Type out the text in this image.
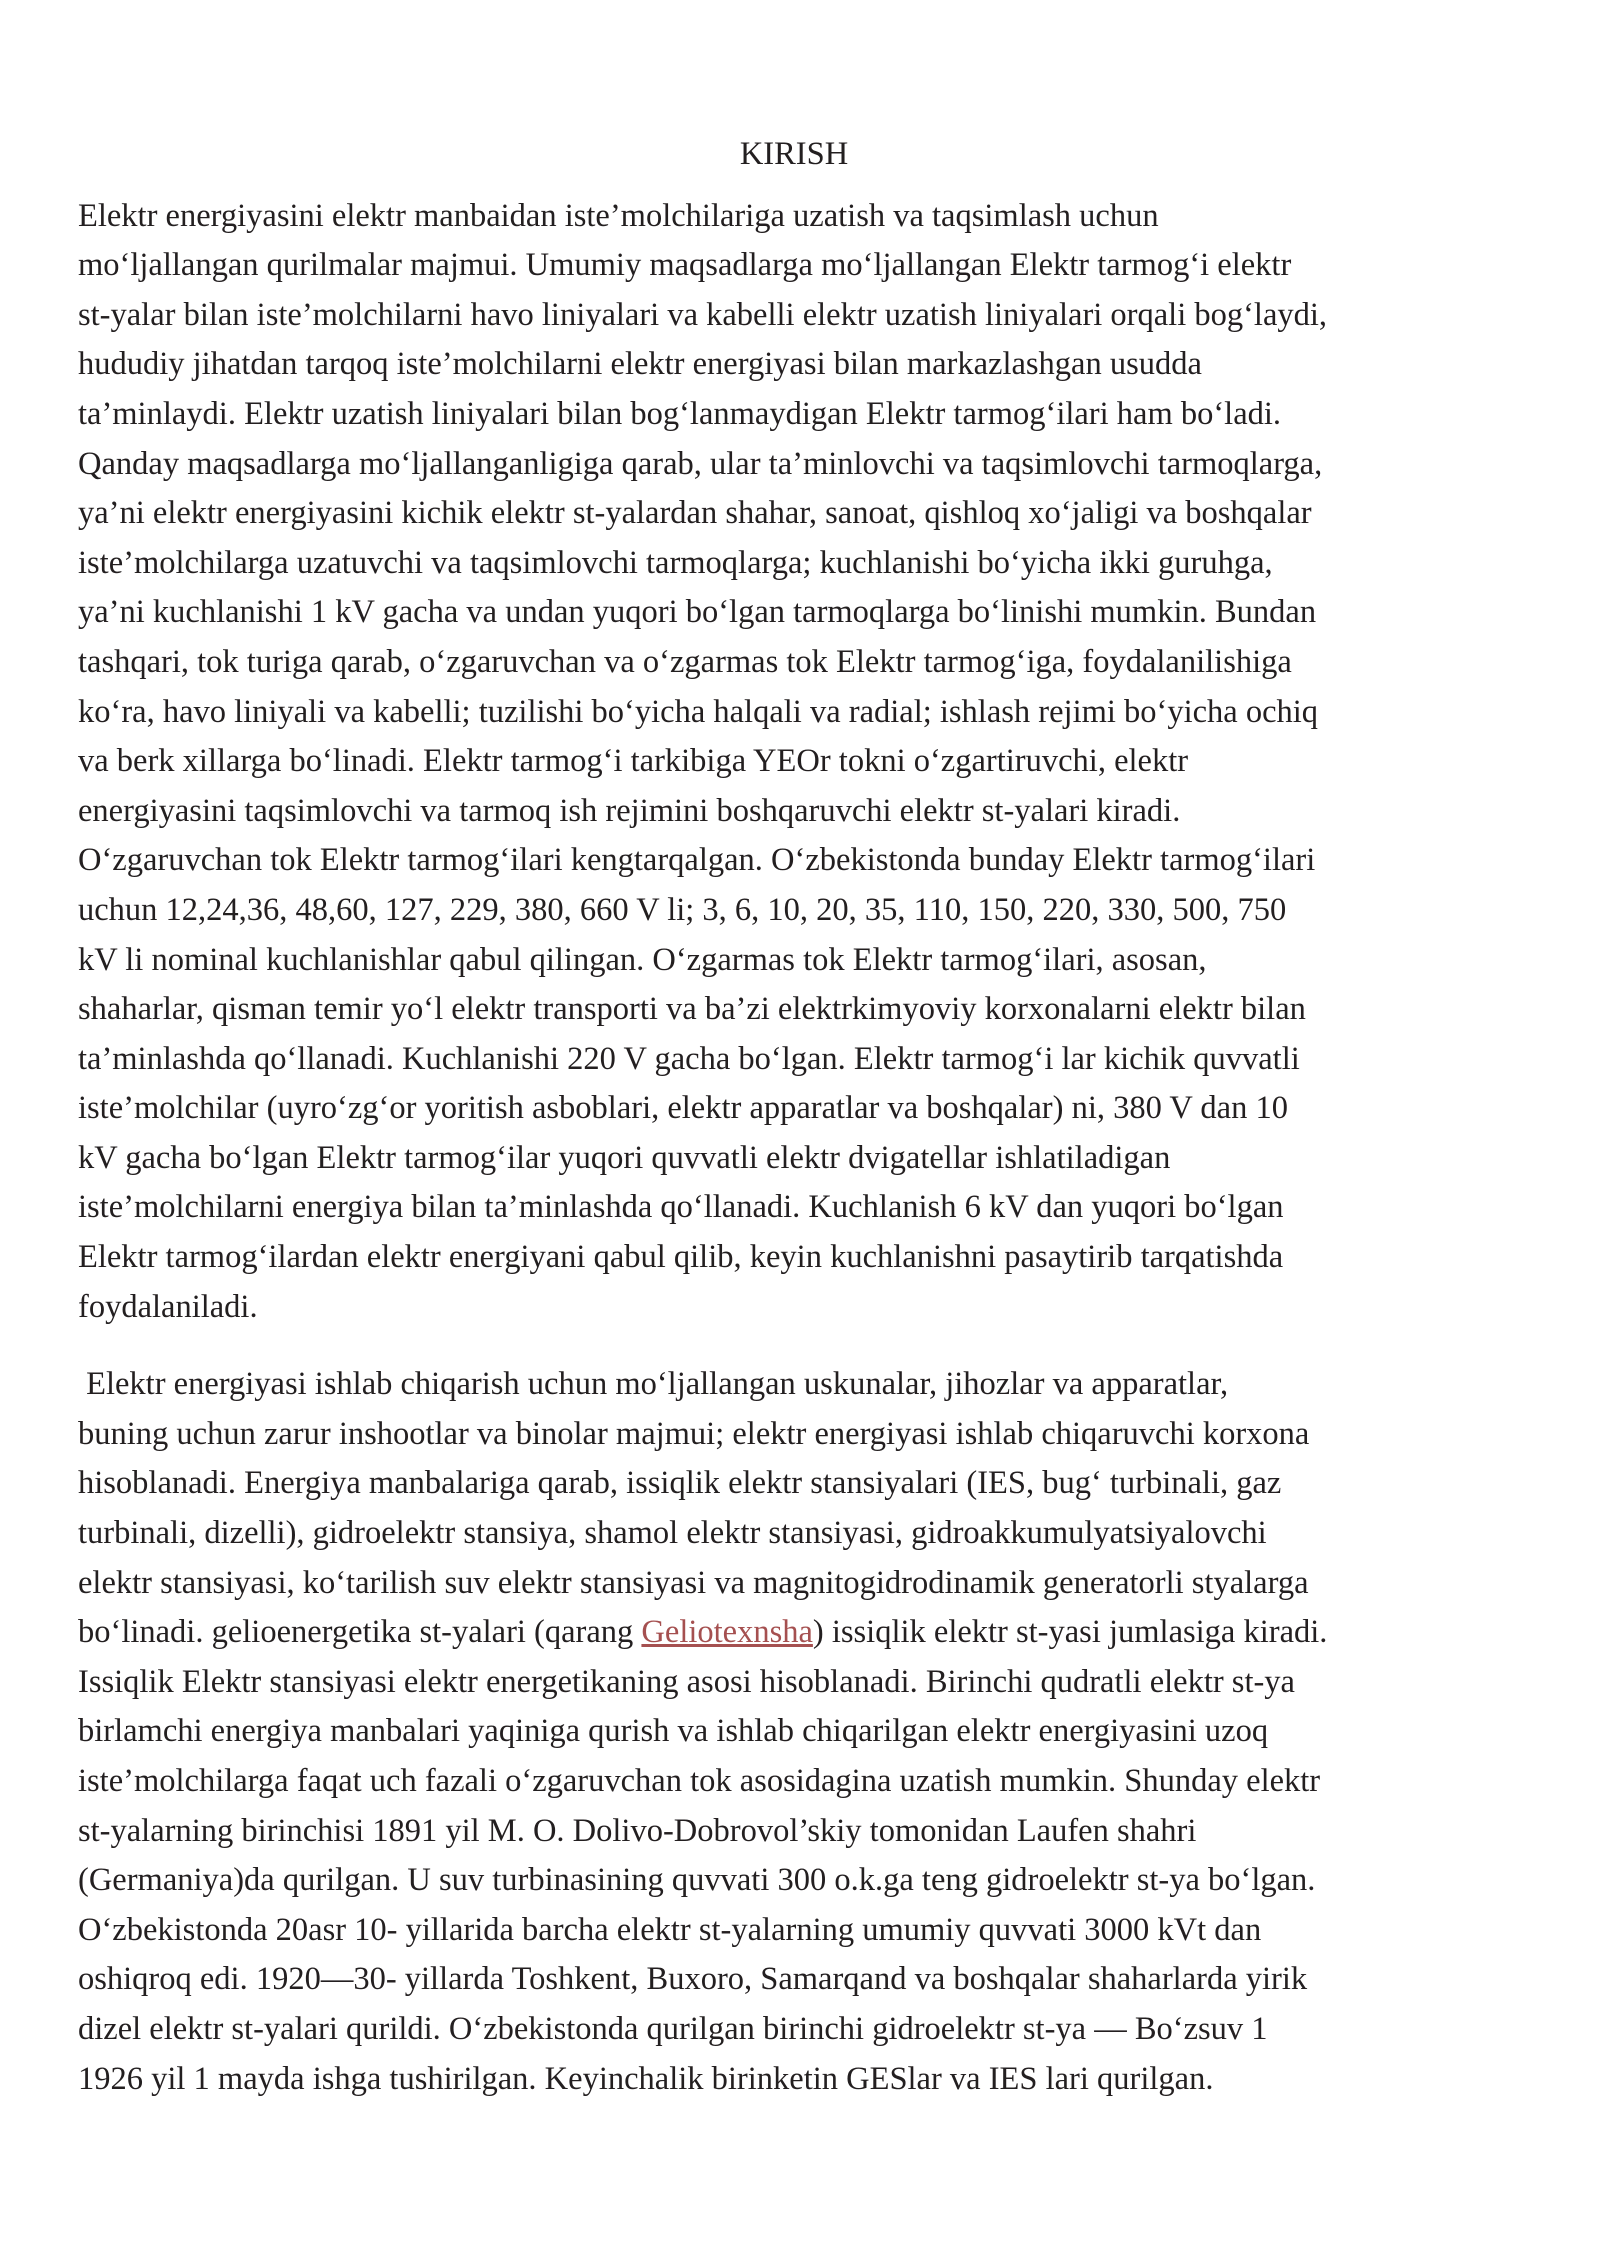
KIRISH

Elektr energiyasini elektr manbaidan iste’molchilariga uzatish va taqsimlash uchun
mo‘ljallangan qurilmalar majmui. Umumiy maqsadlarga mo‘ljallangan Elektr tarmog‘i elektr
st-yalar bilan iste’molchilarni havo liniyalari va kabelli elektr uzatish liniyalari orqali bog‘laydi,
hududiy jihatdan tarqoq iste’molchilarni elektr energiyasi bilan markazlashgan usudda
ta’minlaydi. Elektr uzatish liniyalari bilan bog‘lanmaydigan Elektr tarmog‘ilari ham bo‘ladi.
Qanday maqsadlarga mo‘ljallanganligiga qarab, ular ta’minlovchi va taqsimlovchi tarmoqlarga,
ya’ni elektr energiyasini kichik elektr st-yalardan shahar, sanoat, qishloq xo‘jaligi va boshqalar
iste’molchilarga uzatuvchi va taqsimlovchi tarmoqlarga; kuchlanishi bo‘yicha ikki guruhga,
ya’ni kuchlanishi 1 kV gacha va undan yuqori bo‘lgan tarmoqlarga bo‘linishi mumkin. Bundan
tashqari, tok turiga qarab, o‘zgaruvchan va o‘zgarmas tok Elektr tarmog‘iga, foydalanilishiga
ko‘ra, havo liniyali va kabelli; tuzilishi bo‘yicha halqali va radial; ishlash rejimi bo‘yicha ochiq
va berk xillarga bo‘linadi. Elektr tarmog‘i tarkibiga YEOr tokni o‘zgartiruvchi, elektr
energiyasini taqsimlovchi va tarmoq ish rejimini boshqaruvchi elektr st-yalari kiradi.
O‘zgaruvchan tok Elektr tarmog‘ilari kengtarqalgan. O‘zbekistonda bunday Elektr tarmog‘ilari
uchun 12,24,36, 48,60, 127, 229, 380, 660 V li; 3, 6, 10, 20, 35, 110, 150, 220, 330, 500, 750
kV li nominal kuchlanishlar qabul qilingan. O‘zgarmas tok Elektr tarmog‘ilari, asosan,
shaharlar, qisman temir yo‘l elektr transporti va ba’zi elektrkimyoviy korxonalarni elektr bilan
ta’minlashda qo‘llanadi. Kuchlanishi 220 V gacha bo‘lgan. Elektr tarmog‘i lar kichik quvvatli
iste’molchilar (uyro‘zg‘or yoritish asboblari, elektr apparatlar va boshqalar) ni, 380 V dan 10
kV gacha bo‘lgan Elektr tarmog‘ilar yuqori quvvatli elektr dvigatellar ishlatiladigan
iste’molchilarni energiya bilan ta’minlashda qo‘llanadi. Kuchlanish 6 kV dan yuqori bo‘lgan
Elektr tarmog‘ilardan elektr energiyani qabul qilib, keyin kuchlanishni pasaytirib tarqatishda
foydalaniladi.

Elektr energiyasi ishlab chiqarish uchun mo‘ljallangan uskunalar, jihozlar va apparatlar,
buning uchun zarur inshootlar va binolar majmui; elektr energiyasi ishlab chiqaruvchi korxona
hisoblanadi. Energiya manbalariga qarab, issiqlik elektr stansiyalari (IES, bug‘ turbinali, gaz
turbinali, dizelli), gidroelektr stansiya, shamol elektr stansiyasi, gidroakkumulyatsiyalovchi
elektr stansiyasi, ko‘tarilish suv elektr stansiyasi va magnitogidrodinamik generatorli styalarga
bo‘linadi. gelioenergetika st-yalari (qarang Geliotexnsha) issiqlik elektr st-yasi jumlasiga kiradi.
Issiqlik Elektr stansiyasi elektr energetikaning asosi hisoblanadi. Birinchi qudratli elektr st-ya
birlamchi energiya manbalari yaqiniga qurish va ishlab chiqarilgan elektr energiyasini uzoq
iste’molchilarga faqat uch fazali o‘zgaruvchan tok asosidagina uzatish mumkin. Shunday elektr
st-yalarning birinchisi 1891 yil M. O. Dolivo-Dobrovol’skiy tomonidan Laufen shahri
(Germaniya)da qurilgan. U suv turbinasining quvvati 300 o.k.ga teng gidroelektr st-ya bo‘lgan.
O‘zbekistonda 20asr 10- yillarida barcha elektr st-yalarning umumiy quvvati 3000 kVt dan
oshiqroq edi. 1920—30- yillarda Toshkent, Buxoro, Samarqand va boshqalar shaharlarda yirik
dizel elektr st-yalari qurildi. O‘zbekistonda qurilgan birinchi gidroelektr st-ya — Bo‘zsuv 1
1926 yil 1 mayda ishga tushirilgan. Keyinchalik birinketin GESlar va IES lari qurilgan.
